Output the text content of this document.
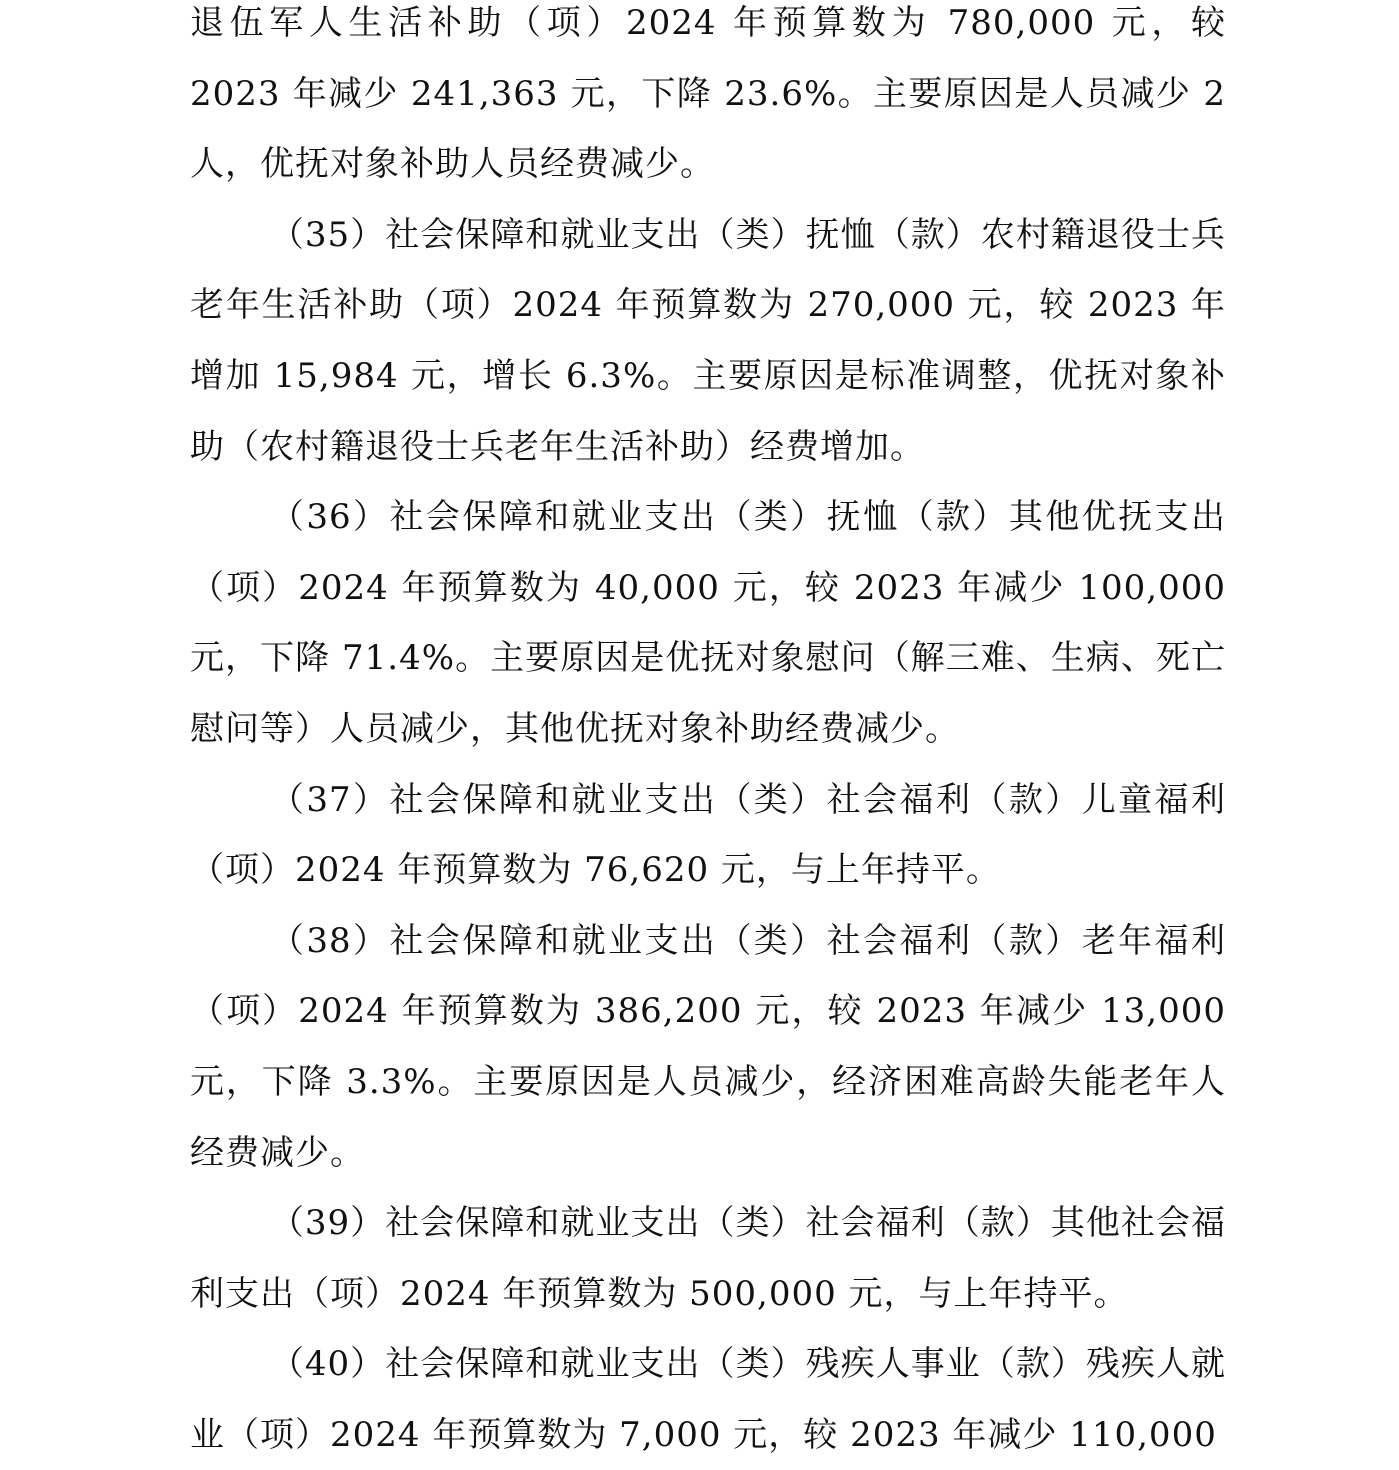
退伍军人生活补助（项）2024 年预算数为 780,000 元，较 2023 年减少 241,363 元，下降 23.6%。主要原因是人员减少 2 人，优抚对象补助人员经费减少。

（35）社会保障和就业支出（类）抚恤（款）农村籍退役士兵老年生活补助（项）2024 年预算数为 270,000 元，较 2023 年增加 15,984 元，增长 6.3%。主要原因是标准调整，优抚对象补助（农村籍退役士兵老年生活补助）经费增加。

（36）社会保障和就业支出（类）抚恤（款）其他优抚支出（项）2024 年预算数为 40,000 元，较 2023 年减少 100,000 元，下降 71.4%。主要原因是优抚对象慰问（解三难、生病、死亡慰问等）人员减少，其他优抚对象补助经费减少。

（37）社会保障和就业支出（类）社会福利（款）儿童福利（项）2024 年预算数为 76,620 元，与上年持平。

（38）社会保障和就业支出（类）社会福利（款）老年福利（项）2024 年预算数为 386,200 元，较 2023 年减少 13,000 元，下降 3.3%。主要原因是人员减少，经济困难高龄失能老年人经费减少。

（39）社会保障和就业支出（类）社会福利（款）其他社会福利支出（项）2024 年预算数为 500,000 元，与上年持平。

（40）社会保障和就业支出（类）残疾人事业（款）残疾人就业（项）2024 年预算数为 7,000 元，较 2023 年减少 110,000
